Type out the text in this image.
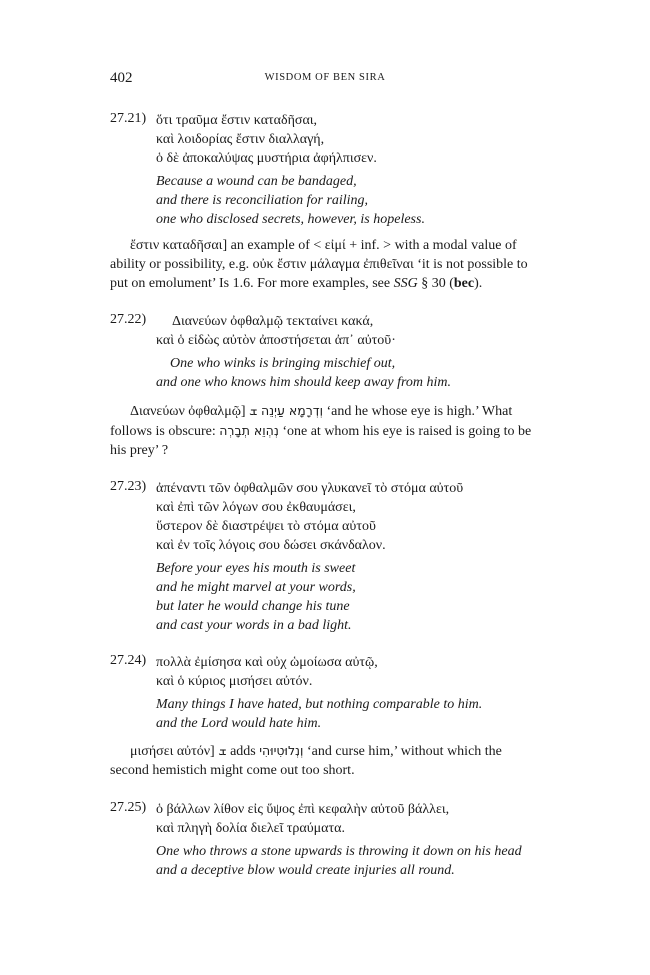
402	WISDOM OF BEN SIRA
27.21) ὅτι τραῦμα ἔστιν καταδῆσαι,
καὶ λοιδορίας ἔστιν διαλλαγή,
ὁ δὲ ἀποκαλύψας μυστήρια ἀφήλπισεν.
Because a wound can be bandaged,
and there is reconciliation for railing,
one who disclosed secrets, however, is hopeless.

ἔστιν καταδῆσαι] an example of < εἰμί + inf. > with a modal value of ability or possibility, e.g. οὐκ ἔστιν μάλαγμα ἐπιθεῖναι ‘it is not possible to put on emolument’ Is 1.6. For more examples, see SSG § 30 (bec).

27.22) Διανεύων ὀφθαλμῷ τεκταίνει κακά,
καὶ ὁ εἰδὼς αὐτὸν ἀποστήσεται ἀπ᾽ αὐτοῦ·
One who winks is bringing mischief out,
and one who knows him should keep away from him.

Διανεύων ὀφθαλμῷ] ܫ וְדְרָמָא עַיְנֵה ‘and he whose eye is high.’ What follows is obscure: נְהְוֵא תְבָרְה ‘one at whom his eye is raised is going to be his prey’ ?

27.23) ἀπέναντι τῶν ὀφθαλμῶν σου γλυκανεῖ τὸ στόμα αὐτοῦ
καὶ ἐπὶ τῶν λόγων σου ἐκθαυμάσει,
ὕστερον δὲ διαστρέψει τὸ στόμα αὐτοῦ
καὶ ἐν τοῖς λόγοις σου δώσει σκάνδαλον.
Before your eyes his mouth is sweet
and he might marvel at your words,
but later he would change his tune
and cast your words in a bad light.
27.24) πολλὰ ἐμίσησα καὶ οὐχ ὡμοίωσα αὐτῷ,
καὶ ὁ κύριος μισήσει αὐτόν.
Many things I have hated, but nothing comparable to him.
and the Lord would hate him.

μισήσει αὐτόν] ܫ adds וְנְלוּטִיוּהִי ‘and curse him,’ without which the second hemistich might come out too short.

27.25) ὁ βάλλων λίθον εἰς ὕψος ἐπὶ κεφαλὴν αὐτοῦ βάλλει,
καὶ πληγὴ δολία διελεῖ τραύματα.
One who throws a stone upwards is throwing it down on his head
and a deceptive blow would create injuries all round.
